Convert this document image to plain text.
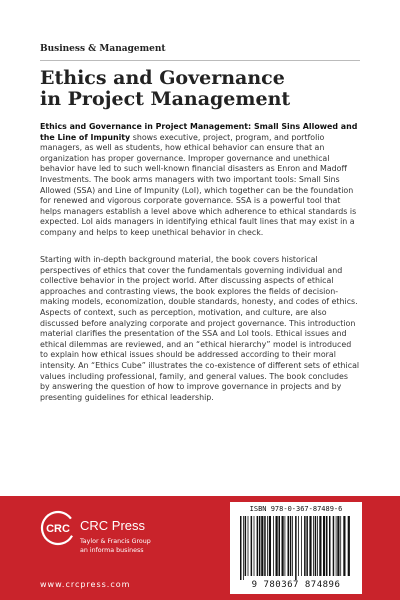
Business & Management
Ethics and Governance
in Project Management
Ethics and Governance in Project Management: Small Sins Allowed and the Line of Impunity shows executive, project, program, and portfolio managers, as well as students, how ethical behavior can ensure that an organization has proper governance. Improper governance and unethical behavior have led to such well-known financial disasters as Enron and Madoff Investments. The book arms managers with two important tools: Small Sins Allowed (SSA) and Line of Impunity (LoI), which together can be the foundation for renewed and vigorous corporate governance. SSA is a powerful tool that helps managers establish a level above which adherence to ethical standards is expected. LoI aids managers in identifying ethical fault lines that may exist in a company and helps to keep unethical behavior in check.
Starting with in-depth background material, the book covers historical perspectives of ethics that cover the fundamentals governing individual and collective behavior in the project world. After discussing aspects of ethical approaches and contrasting views, the book explores the fields of decision-making models, economization, double standards, honesty, and codes of ethics. Aspects of context, such as perception, motivation, and culture, are also discussed before analyzing corporate and project governance. This introduction material clarifies the presentation of the SSA and LoI tools. Ethical issues and ethical dilemmas are reviewed, and an “ethical hierarchy” model is introduced to explain how ethical issues should be addressed according to their moral intensity. An “Ethics Cube” illustrates the co-existence of different sets of ethical values including professional, family, and general values. The book concludes by answering the question of how to improve governance in projects and by presenting guidelines for ethical leadership.
CRC CRC Press
Taylor & Francis Group
an informa business
www.crcpress.com
ISBN 978-0-367-87489-6
9 780367 874896
